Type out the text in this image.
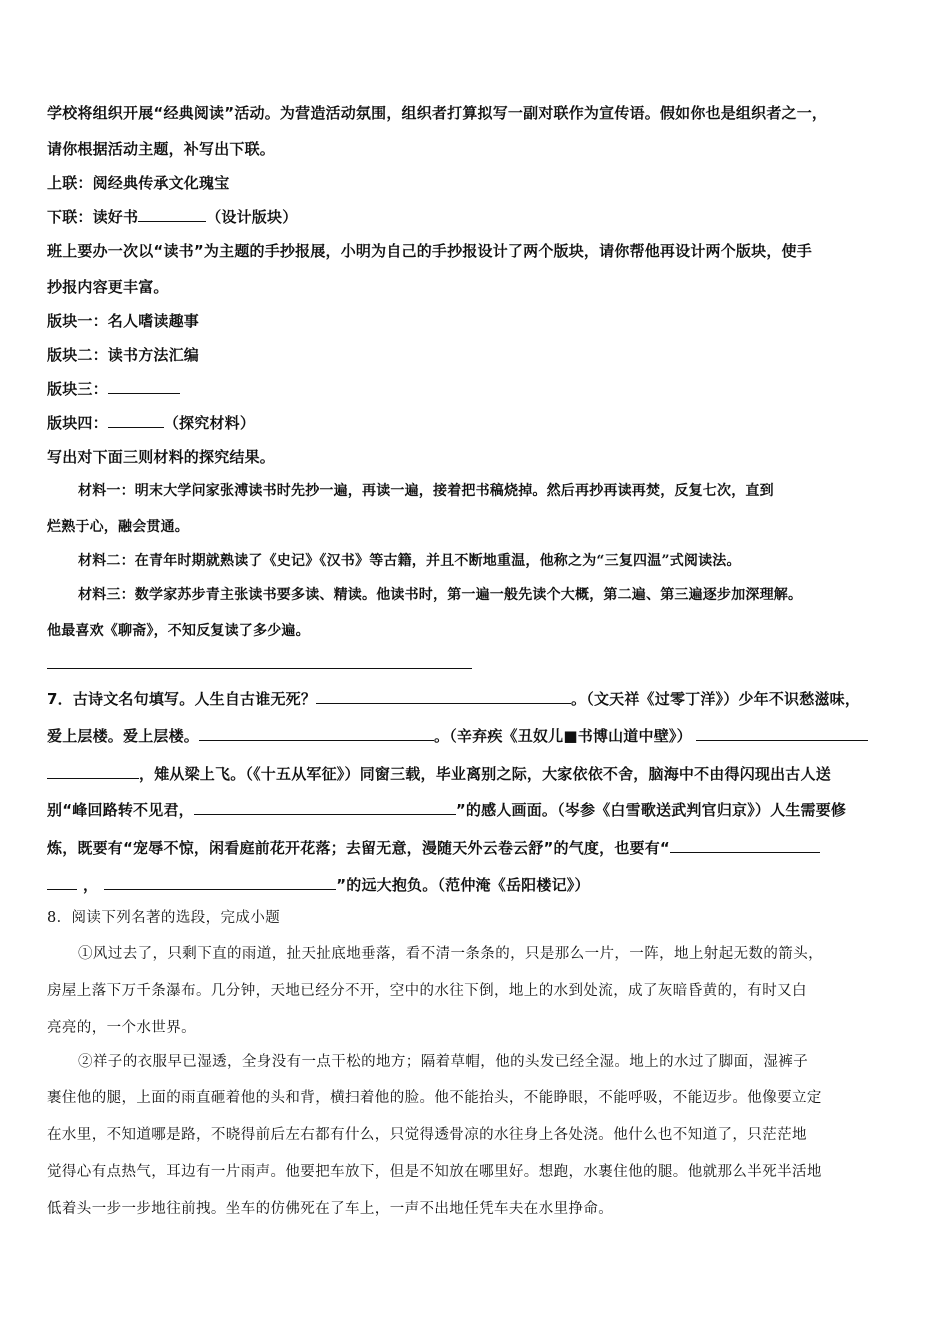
学校将组织开展“经典阅读”活动。为营造活动氛围，组织者打算拟写一副对联作为宣传语。假如你也是组织者之一，
请你根据活动主题，补写出下联。
上联：阅经典传承文化瑰宝
下联：读好书	（设计版块）
班上要办一次以“读书”为主题的手抄报展，小明为自己的手抄报设计了两个版块，请你帮他再设计两个版块，使手
抄报内容更丰富。
版块一：名人嗜读趣事
版块二：读书方法汇编
版块三：
版块四：	（探究材料）
写出对下面三则材料的探究结果。
材料一：明末大学问家张溥读书时先抄一遍，再读一遍，接着把书稿烧掉。然后再抄再读再焚，反复七次，直到
烂熟于心，融会贯通。
材料二：在青年时期就熟读了《史记》《汉书》等古籍，并且不断地重温，他称之为“三复四温”式阅读法。
材料三：数学家苏步青主张读书要多读、精读。他读书时，第一遍一般先读个大概，第二遍、第三遍逐步加深理解。
他最喜欢《聊斋》，不知反复读了多少遍。
7．古诗文名句填写。人生自古谁无死？	。（文天祥《过零丁洋》）少年不识愁滋味，
爱上层楼。爱上层楼。	。（辛弃疾《丑奴儿■书博山道中壁》）
，雉从梁上飞。（《十五从军征》）同窗三载，毕业离别之际，大家依依不舍，脑海中不由得闪现出古人送
别“峰回路转不见君，	”的感人画面。（岑参《白雪歌送武判官归京》）人生需要修
炼，既要有“宠辱不惊，闲看庭前花开花落；去留无意，漫随天外云卷云舒”的气度，也要有“
，	”的远大抱负。（范仲淹《岳阳楼记》）
8．阅读下列名著的选段，完成小题
①风过去了，只剩下直的雨道，扯天扯底地垂落，看不清一条条的，只是那么一片，一阵，地上射起无数的箭头，
房屋上落下万千条瀑布。几分钟，天地已经分不开，空中的水往下倒，地上的水到处流，成了灰暗昏黄的，有时又白
亮亮的，一个水世界。
②祥子的衣服早已湿透，全身没有一点干松的地方；隔着草帽，他的头发已经全湿。地上的水过了脚面，湿裤子
裹住他的腿，上面的雨直砸着他的头和背，横扫着他的脸。他不能抬头，不能睁眼，不能呼吸，不能迈步。他像要立定
在水里，不知道哪是路，不晓得前后左右都有什么，只觉得透骨凉的水往身上各处浇。他什么也不知道了，只茫茫地
觉得心有点热气，耳边有一片雨声。他要把车放下，但是不知放在哪里好。想跑，水裹住他的腿。他就那么半死半活地
低着头一步一步地往前拽。坐车的仿佛死在了车上，一声不出地任凭车夫在水里挣命。
